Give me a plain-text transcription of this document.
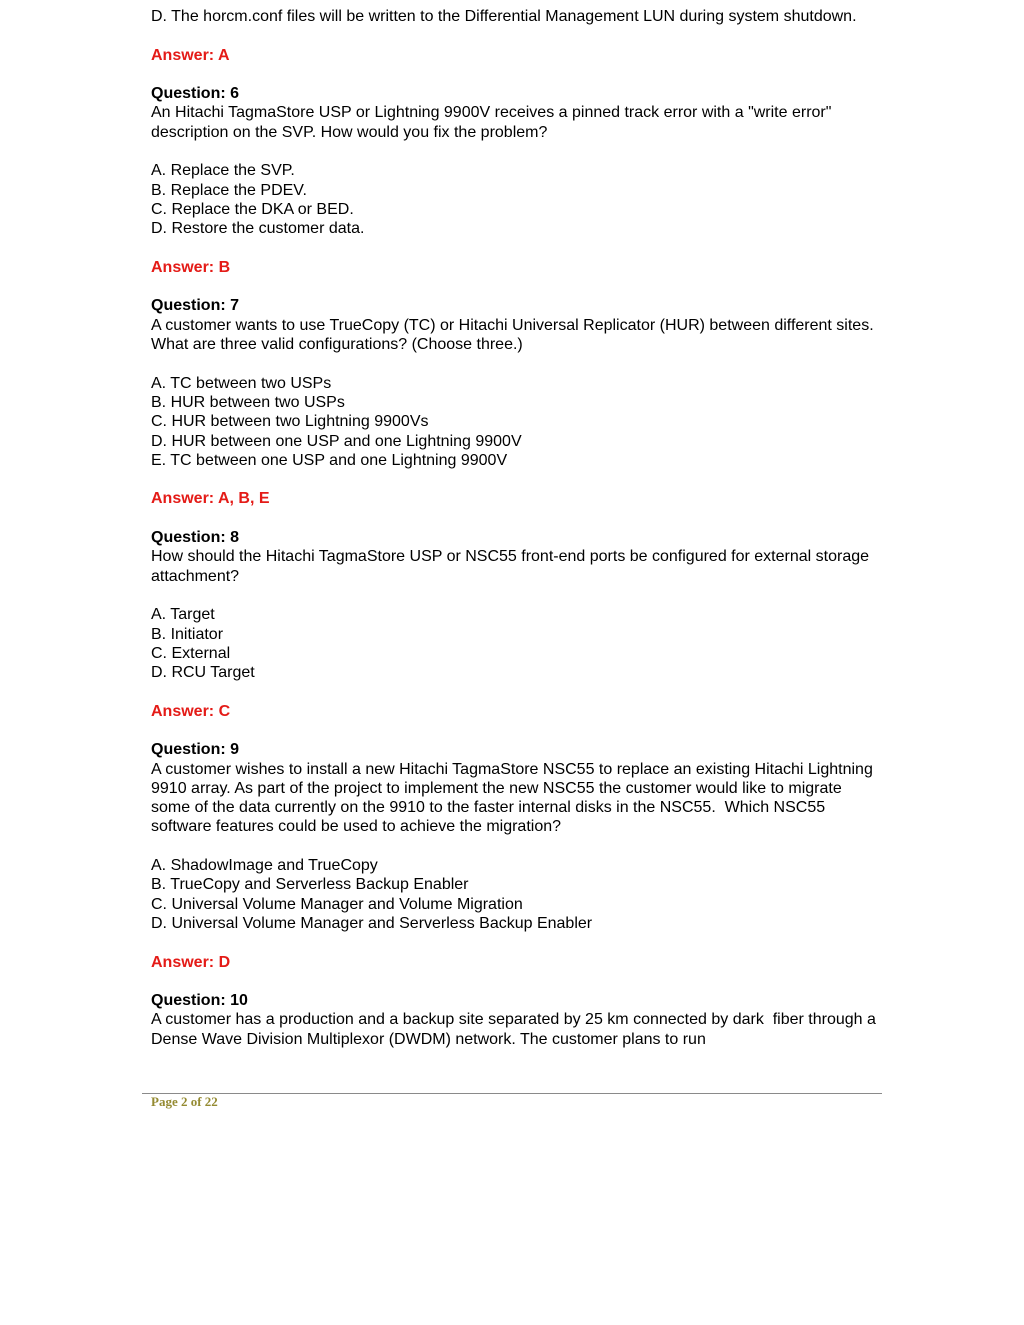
D. The horcm.conf files will be written to the Differential Management LUN during system shutdown.
Answer: A
Question: 6
An Hitachi TagmaStore USP or Lightning 9900V receives a pinned track error with a "write error" description on the SVP. How would you fix the problem?
A. Replace the SVP.
B. Replace the PDEV.
C. Replace the DKA or BED.
D. Restore the customer data.
Answer: B
Question: 7
A customer wants to use TrueCopy (TC) or Hitachi Universal Replicator (HUR) between different sites. What are three valid configurations? (Choose three.)
A. TC between two USPs
B. HUR between two USPs
C. HUR between two Lightning 9900Vs
D. HUR between one USP and one Lightning 9900V
E. TC between one USP and one Lightning 9900V
Answer: A, B, E
Question: 8
How should the Hitachi TagmaStore USP or NSC55 front-end ports be configured for external storage attachment?
A. Target
B. Initiator
C. External
D. RCU Target
Answer: C
Question: 9
A customer wishes to install a new Hitachi TagmaStore NSC55 to replace an existing Hitachi Lightning 9910 array. As part of the project to implement the new NSC55 the customer would like to migrate some of the data currently on the 9910 to the faster internal disks in the NSC55.  Which NSC55 software features could be used to achieve the migration?
A. ShadowImage and TrueCopy
B. TrueCopy and Serverless Backup Enabler
C. Universal Volume Manager and Volume Migration
D. Universal Volume Manager and Serverless Backup Enabler
Answer: D
Question: 10
A customer has a production and a backup site separated by 25 km connected by dark  fiber through a Dense Wave Division Multiplexor (DWDM) network. The customer plans to run
Page 2 of 22
